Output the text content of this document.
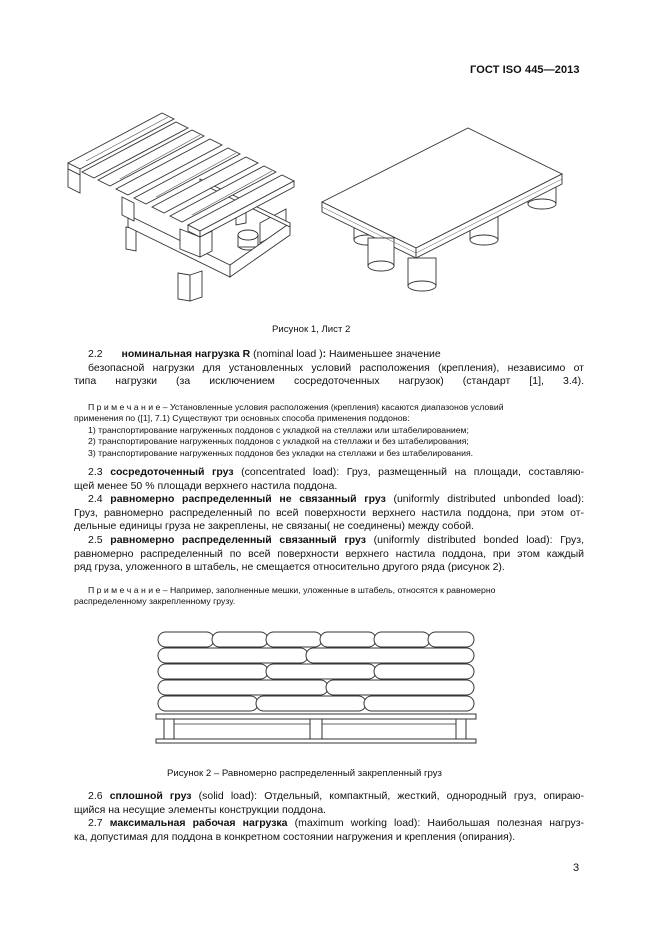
ГОСТ ISO 445—2013
Рисунок 1, Лист 2
2.2 номинальная нагрузка R (nominal load ): Наименьшее значение
безопасной нагрузки для установленных условий расположения (крепления), независимо от
типа нагрузки (за исключением сосредоточенных нагрузок) (стандарт [1], 3.4).
П р и м е ч а н и е – Установленные условия расположения (крепления) касаются диапазонов условий
применения по ([1], 7.1) Существуют три основных способа применения поддонов:
1) транспортирование нагруженных поддонов с укладкой на стеллажи или штабелированием;
2) транспортирование нагруженных поддонов с укладкой на стеллажи и без штабелирования;
3) транспортирование нагруженных поддонов без укладки на стеллажи и без штабелирования.
2.3 сосредоточенный груз (concentrated load): Груз, размещенный на площади, составляю-
щей менее 50 % площади верхнего настила поддона.
2.4 равномерно распределенный не связанный груз (uniformly distributed unbonded load):
Груз, равномерно распределенный по всей поверхности верхнего настила поддона, при этом от-
дельные единицы груза не закреплены, не связаны( не соединены) между собой.
2.5 равномерно распределенный связанный груз (uniformly distributed bonded load): Груз,
равномерно распределенный по всей поверхности верхнего настила поддона, при этом каждый
ряд груза, уложенного в штабель, не смещается относительно другого ряда (рисунок 2).
П р и м е ч а н и е – Например, заполненные мешки, уложенные в штабель, относятся к равномерно
распределенному закрепленному грузу.
Рисунок 2 – Равномерно распределенный закрепленный груз
2.6 сплошной груз (solid load): Отдельный, компактный, жесткий, однородный груз, опираю-
щийся на несущие элементы конструкции поддона.
2.7 максимальная рабочая нагрузка (maximum working load): Наибольшая полезная нагруз-
ка, допустимая для поддона в конкретном состоянии нагружения и крепления (опирания).
3
